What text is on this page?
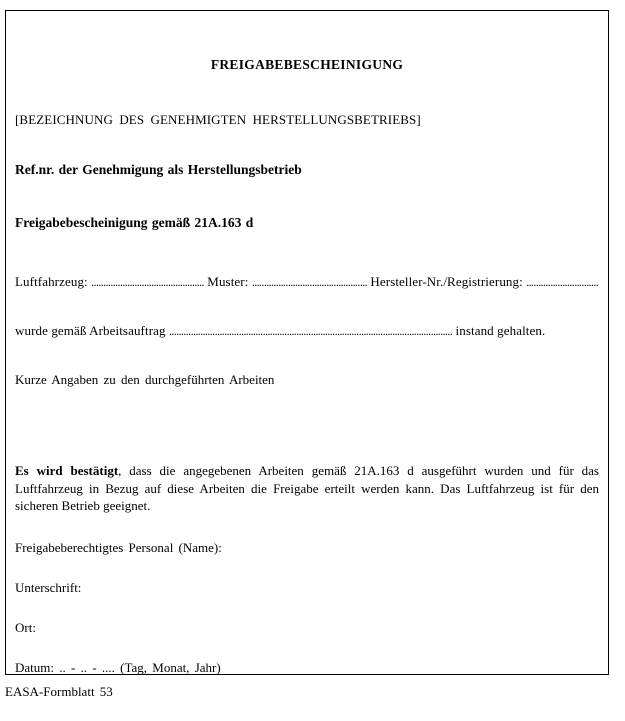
FREIGABEBESCHEINIGUNG
[BEZEICHNUNG DES GENEHMIGTEN HERSTELLUNGSBETRIEBS]
Ref.nr. der Genehmigung als Herstellungsbetrieb
Freigabebescheinigung gemäß 21A.163 d
Luftfahrzeug: ............................................... Muster: ................................................ Hersteller-Nr./Registrierung: ..............................
wurde gemäß Arbeitsauftrag ...................................................................................................................... instand gehalten.
Kurze Angaben zu den durchgeführten Arbeiten
Es wird bestätigt, dass die angegebenen Arbeiten gemäß 21A.163 d ausgeführt wurden und für das Luftfahrzeug in Bezug auf diese Arbeiten die Freigabe erteilt werden kann. Das Luftfahrzeug ist für den sicheren Betrieb geeignet.
Freigabeberechtigtes Personal (Name):
Unterschrift:
Ort:
Datum: .. - .. - .... (Tag, Monat, Jahr)
EASA-Formblatt 53
